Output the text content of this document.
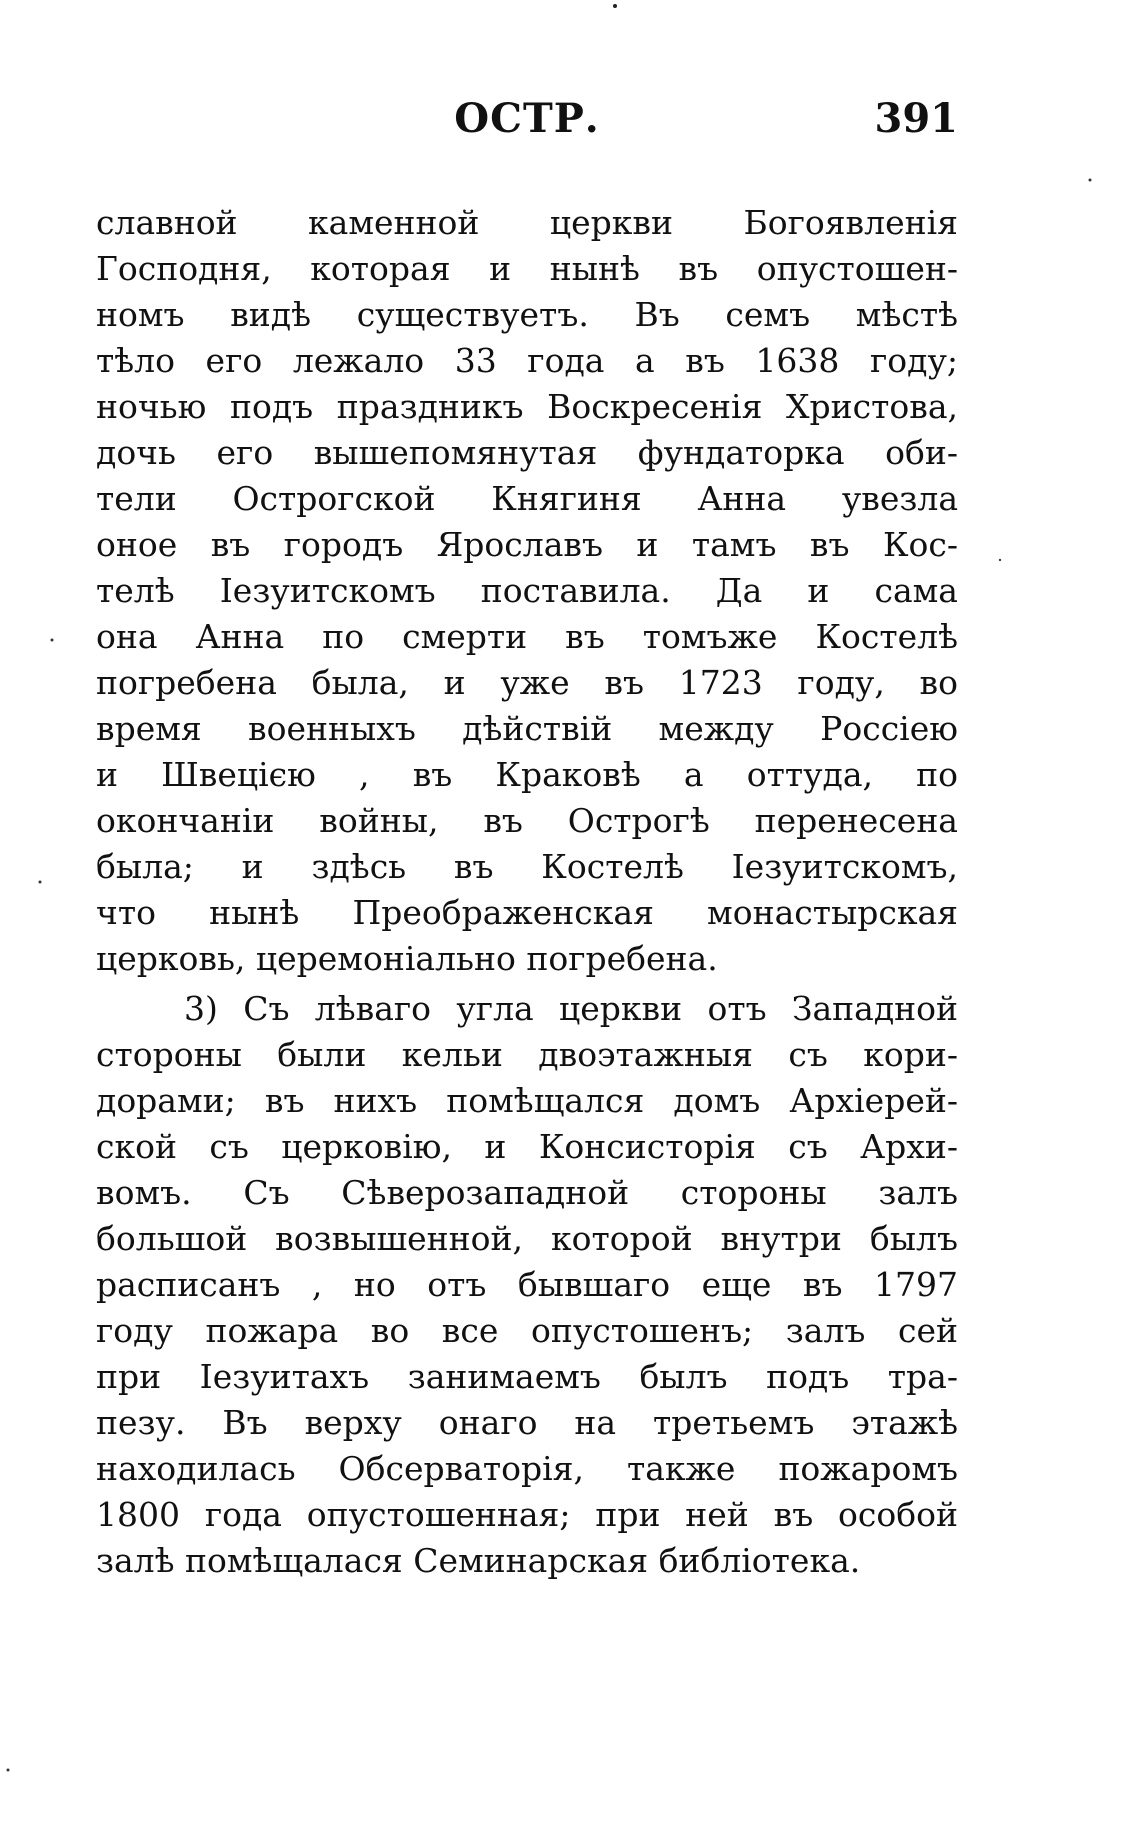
ОСТР.	391
славной каменной церкви Богоявленія
Господня, которая и нынѣ въ опустошен-
номъ видѣ существуетъ. Въ семъ мѣстѣ
тѣло его лежало 33 года а въ 1638 году;
ночью подъ праздникъ Воскресенія Христова,
дочь его вышепомянутая фундаторка оби-
тели Острогской Княгиня Анна увезла
оное въ городъ Ярославъ и тамъ въ Кос-
телѣ Іезуитскомъ поставила. Да и сама
она Анна по смерти въ томъже Костелѣ
погребена была, и уже въ 1723 году, во
время военныхъ дѣйствій между Россіею
и Швецією , въ Краковѣ а оттуда, по
окончаніи войны, въ Острогѣ перенесена
была; и здѣсь въ Костелѣ Іезуитскомъ,
что нынѣ Преображенская монастырская
церковь, церемоніально погребена.
3) Съ лѣваго угла церкви отъ Западной
стороны были кельи двоэтажныя съ кори-
дорами; въ нихъ помѣщался домъ Архіерей-
ской съ церковію, и Консисторія съ Архи-
вомъ. Съ Сѣверозападной стороны залъ
большой возвышенной, которой внутри былъ
расписанъ , но отъ бывшаго еще въ 1797
году пожара во все опустошенъ; залъ сей
при Іезуитахъ занимаемъ былъ подъ тра-
пезу. Въ верху онаго на третьемъ этажѣ
находилась Обсерваторія, также пожаромъ
1800 года опустошенная; при ней въ особой
залѣ помѣщалася Семинарская библіотека.
